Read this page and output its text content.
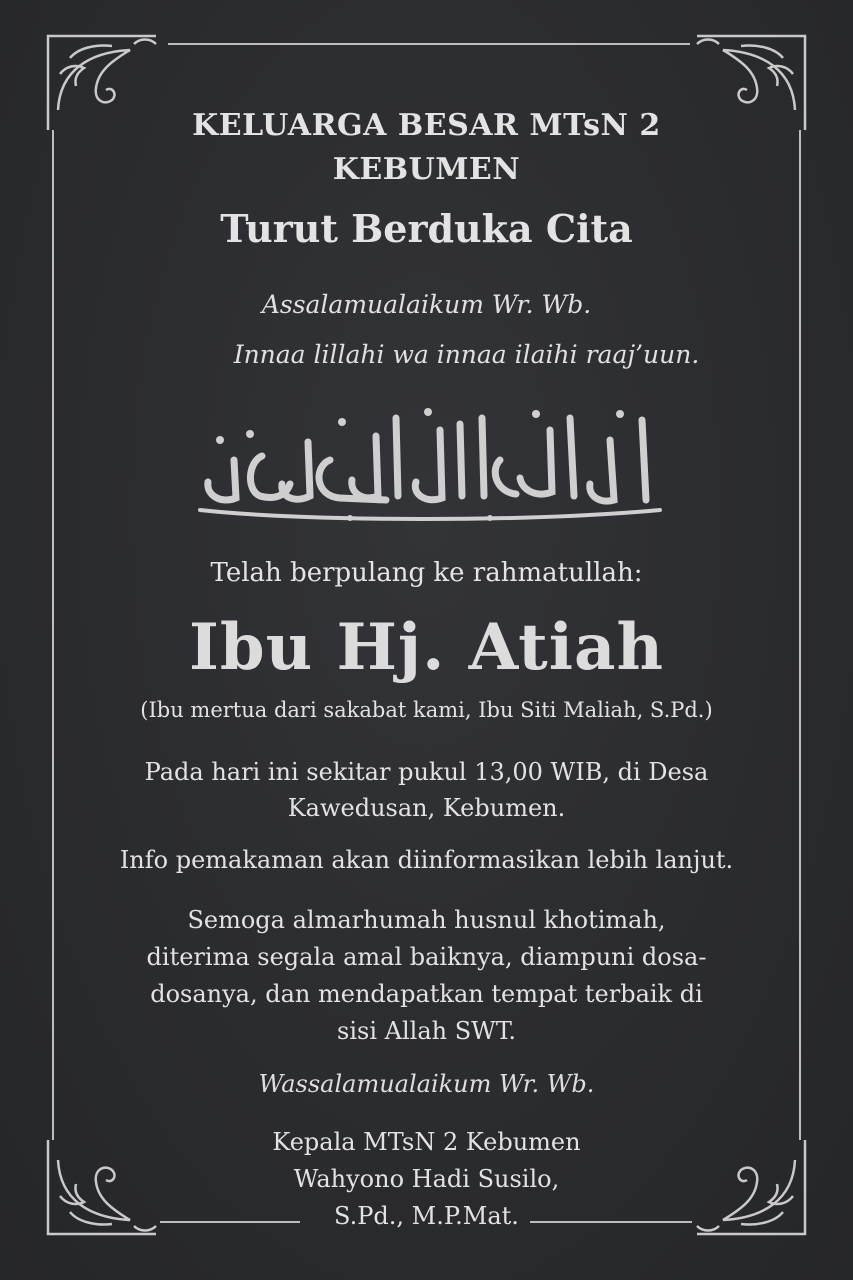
KELUARGA BESAR MTsN 2
KEBUMEN
Turut Berduka Cita

Assalamualaikum Wr. Wb.

Innaa lillahi wa innaa ilaihi raaj’uun.

Telah berpulang ke rahmatullah:

Ibu Hj. Atiah

(Ibu mertua dari sakabat kami, Ibu Siti Maliah, S.Pd.)

Pada hari ini sekitar pukul 13,00 WIB, di Desa
Kawedusan, Kebumen.

Info pemakaman akan diinformasikan lebih lanjut.

Semoga almarhumah husnul khotimah,
diterima segala amal baiknya, diampuni dosa-
dosanya, dan mendapatkan tempat terbaik di
sisi Allah SWT.

Wassalamualaikum Wr. Wb.

Kepala MTsN 2 Kebumen
Wahyono Hadi Susilo,
S.Pd., M.P.Mat.
